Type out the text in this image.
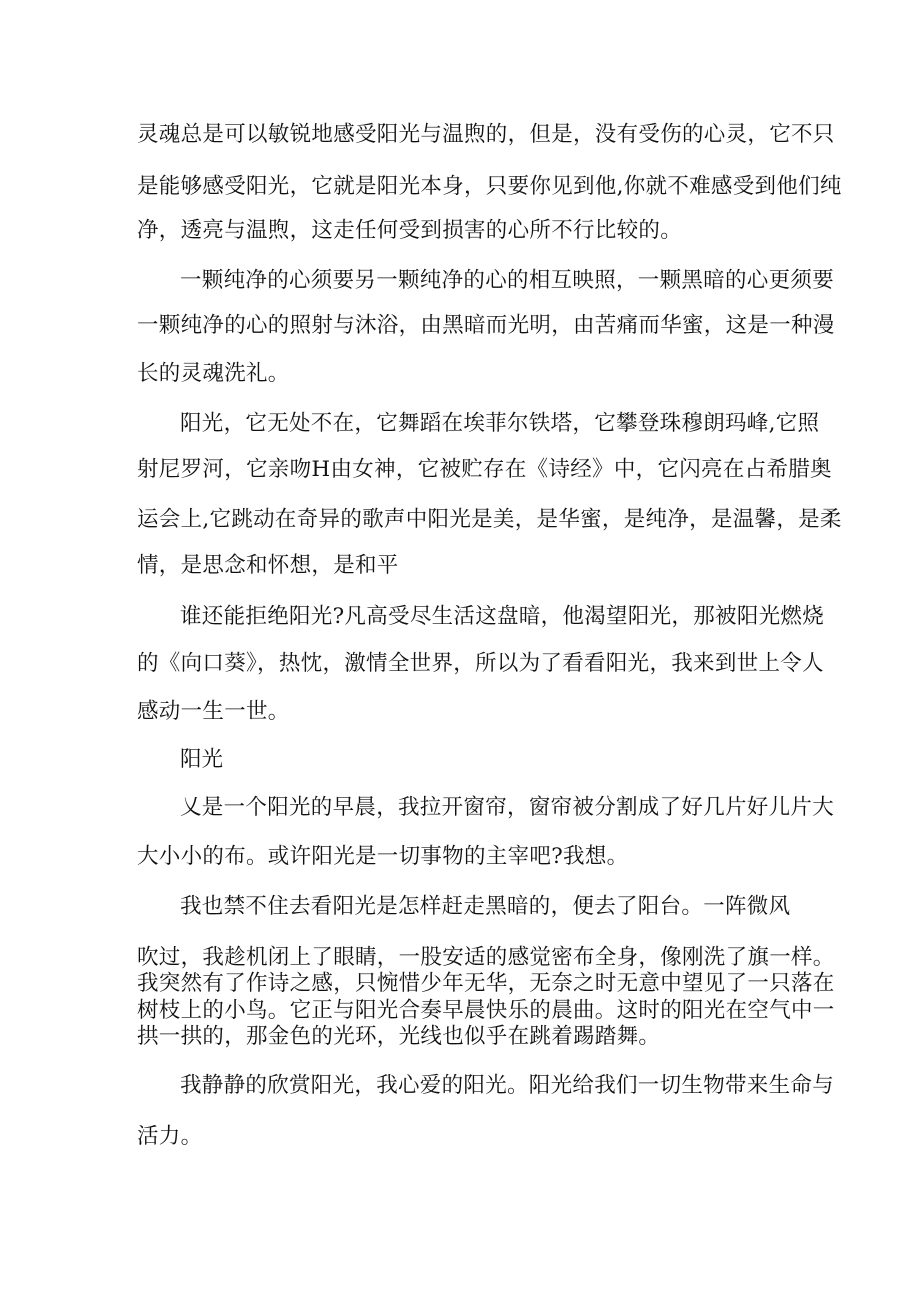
灵魂总是可以敏锐地感受阳光与温煦的，但是，没有受伤的心灵，它不只
是能够感受阳光，它就是阳光本身，只要你见到他,你就不难感受到他们纯
净，透亮与温煦，这走任何受到损害的心所不行比较的。
一颗纯净的心须要另一颗纯净的心的相互映照，一颗黑暗的心更须要
一颗纯净的心的照射与沐浴，由黑暗而光明，由苦痛而华蜜，这是一种漫
长的灵魂洗礼。
阳光，它无处不在，它舞蹈在埃菲尔铁塔，它攀登珠穆朗玛峰,它照
射尼罗河，它亲吻H由女神，它被贮存在《诗经》中，它闪亮在占希腊奥
运会上,它跳动在奇异的歌声中阳光是美，是华蜜，是纯净，是温馨，是柔
情，是思念和怀想，是和平
谁还能拒绝阳光?凡高受尽生活这盘暗，他渴望阳光，那被阳光燃烧
的《向口葵》，热忱，激情全世界，所以为了看看阳光，我来到世上令人
感动一生一世。
阳光
乂是一个阳光的早晨，我拉开窗帘，窗帘被分割成了好几片好儿片大
大小小的布。或许阳光是一切事物的主宰吧?我想。
我也禁不住去看阳光是怎样赶走黑暗的，便去了阳台。一阵微风
吹过，我趁机闭上了眼睛，一股安适的感觉密布全身，像刚洗了旗一样。
我突然有了作诗之感，只惋惜少年无华，无奈之时无意中望见了一只落在
树枝上的小鸟。它正与阳光合奏早晨快乐的晨曲。这时的阳光在空气中一
拱一拱的，那金色的光环，光线也似乎在跳着踢踏舞。
我静静的欣赏阳光，我心爱的阳光。阳光给我们一切生物带来生命与
活力。
